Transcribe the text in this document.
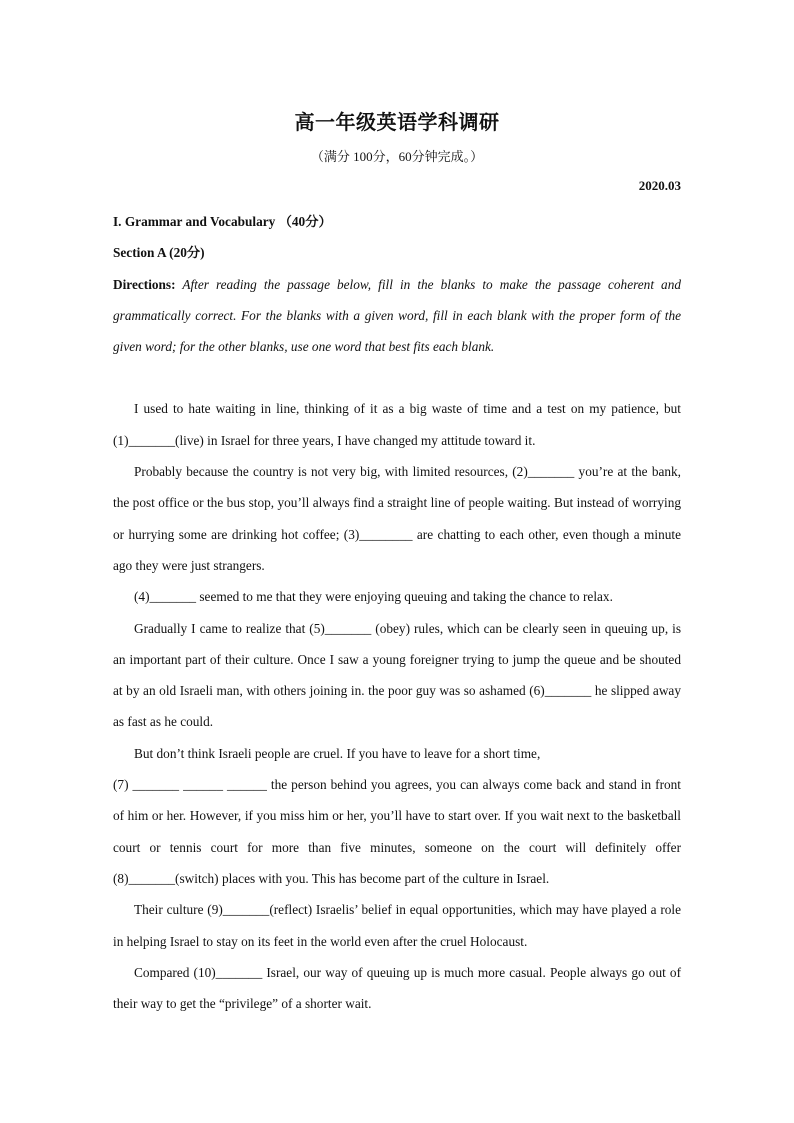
高一年级英语学科调研
（满分 100分，60分钟完成。）
2020.03

I. Grammar and Vocabulary （40分）

Section A (20分)

Directions: After reading the passage below, fill in the blanks to make the passage coherent and grammatically correct. For the blanks with a given word, fill in each blank with the proper form of the given word; for the other blanks, use one word that best fits each blank.

I used to hate waiting in line, thinking of it as a big waste of time and a test on my patience, but (1)_______(live) in Israel for three years, I have changed my attitude toward it.

Probably because the country is not very big, with limited resources, (2)_______ you’re at the bank, the post office or the bus stop, you’ll always find a straight line of people waiting. But instead of worrying or hurrying some are drinking hot coffee; (3)________ are chatting to each other, even though a minute ago they were just strangers.

(4)_______ seemed to me that they were enjoying queuing and taking the chance to relax.

Gradually I came to realize that (5)_______ (obey) rules, which can be clearly seen in queuing up, is an important part of their culture. Once I saw a young foreigner trying to jump the queue and be shouted at by an old Israeli man, with others joining in. the poor guy was so ashamed (6)_______ he slipped away as fast as he could.

But don’t think Israeli people are cruel. If you have to leave for a short time,

(7) _______ ______ ______ the person behind you agrees, you can always come back and stand in front of him or her. However, if you miss him or her, you’ll have to start over. If you wait next to the basketball court or tennis court for more than five minutes, someone on the court will definitely offer (8)_______(switch) places with you. This has become part of the culture in Israel.

Their culture (9)_______(reflect) Israelis’ belief in equal opportunities, which may have played a role in helping Israel to stay on its feet in the world even after the cruel Holocaust.

Compared (10)_______ Israel, our way of queuing up is much more casual. People always go out of their way to get the “privilege” of a shorter wait.
